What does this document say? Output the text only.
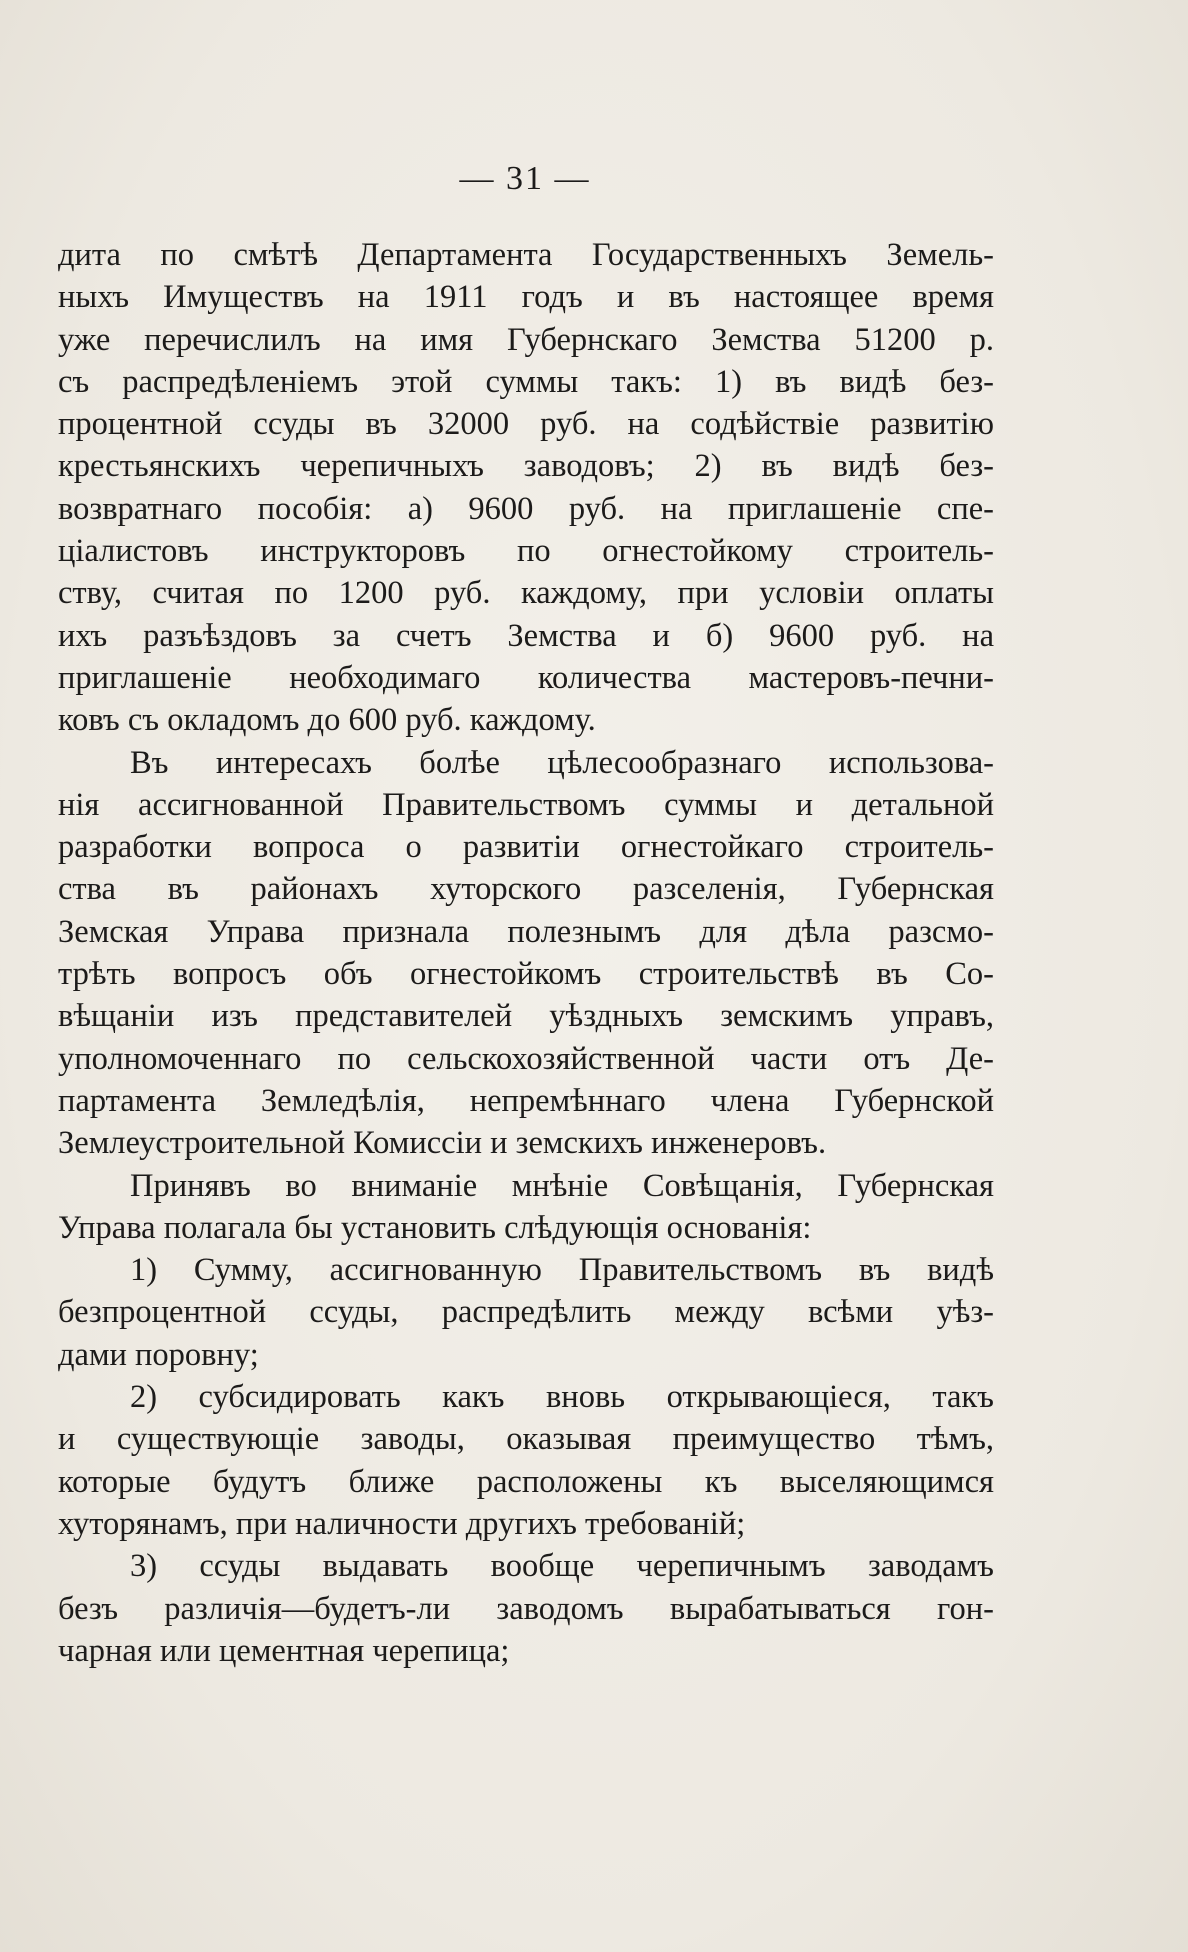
— 31 —
дита по смѣтѣ Департамента Государственныхъ Земель-
ныхъ Имуществъ на 1911 годъ и въ настоящее время
уже перечислилъ на имя Губернскаго Земства 51200 р.
съ распредѣленіемъ этой суммы такъ: 1) въ видѣ без-
процентной ссуды въ 32000 руб. на содѣйствіе развитію
крестьянскихъ черепичныхъ заводовъ; 2) въ видѣ без-
возвратнаго пособія: а) 9600 руб. на приглашеніе спе-
ціалистовъ инструкторовъ по огнестойкому строитель-
ству, считая по 1200 руб. каждому, при условіи оплаты
ихъ разъѣздовъ за счетъ Земства и б) 9600 руб. на
приглашеніе необходимаго количества мастеровъ-печни-
ковъ съ окладомъ до 600 руб. каждому.
Въ интересахъ болѣе цѣлесообразнаго использова-
нія ассигнованной Правительствомъ суммы и детальной
разработки вопроса о развитіи огнестойкаго строитель-
ства въ районахъ хуторского разселенія, Губернская
Земская Управа признала полезнымъ для дѣла разсмо-
трѣть вопросъ объ огнестойкомъ строительствѣ въ Со-
вѣщаніи изъ представителей уѣздныхъ земскимъ управъ,
уполномоченнаго по сельскохозяйственной части отъ Де-
партамента Земледѣлія, непремѣннаго члена Губернской
Землеустроительной Комиссіи и земскихъ инженеровъ.
Принявъ во вниманіе мнѣніе Совѣщанія, Губернская
Управа полагала бы установить слѣдующія основанія:
1) Сумму, ассигнованную Правительствомъ въ видѣ
безпроцентной ссуды, распредѣлить между всѣми уѣз-
дами поровну;
2) субсидировать какъ вновь открывающіеся, такъ
и существующіе заводы, оказывая преимущество тѣмъ,
которые будутъ ближе расположены къ выселяющимся
хуторянамъ, при наличности другихъ требованій;
3) ссуды выдавать вообще черепичнымъ заводамъ
безъ различія—будетъ-ли заводомъ вырабатываться гон-
чарная или цементная черепица;
